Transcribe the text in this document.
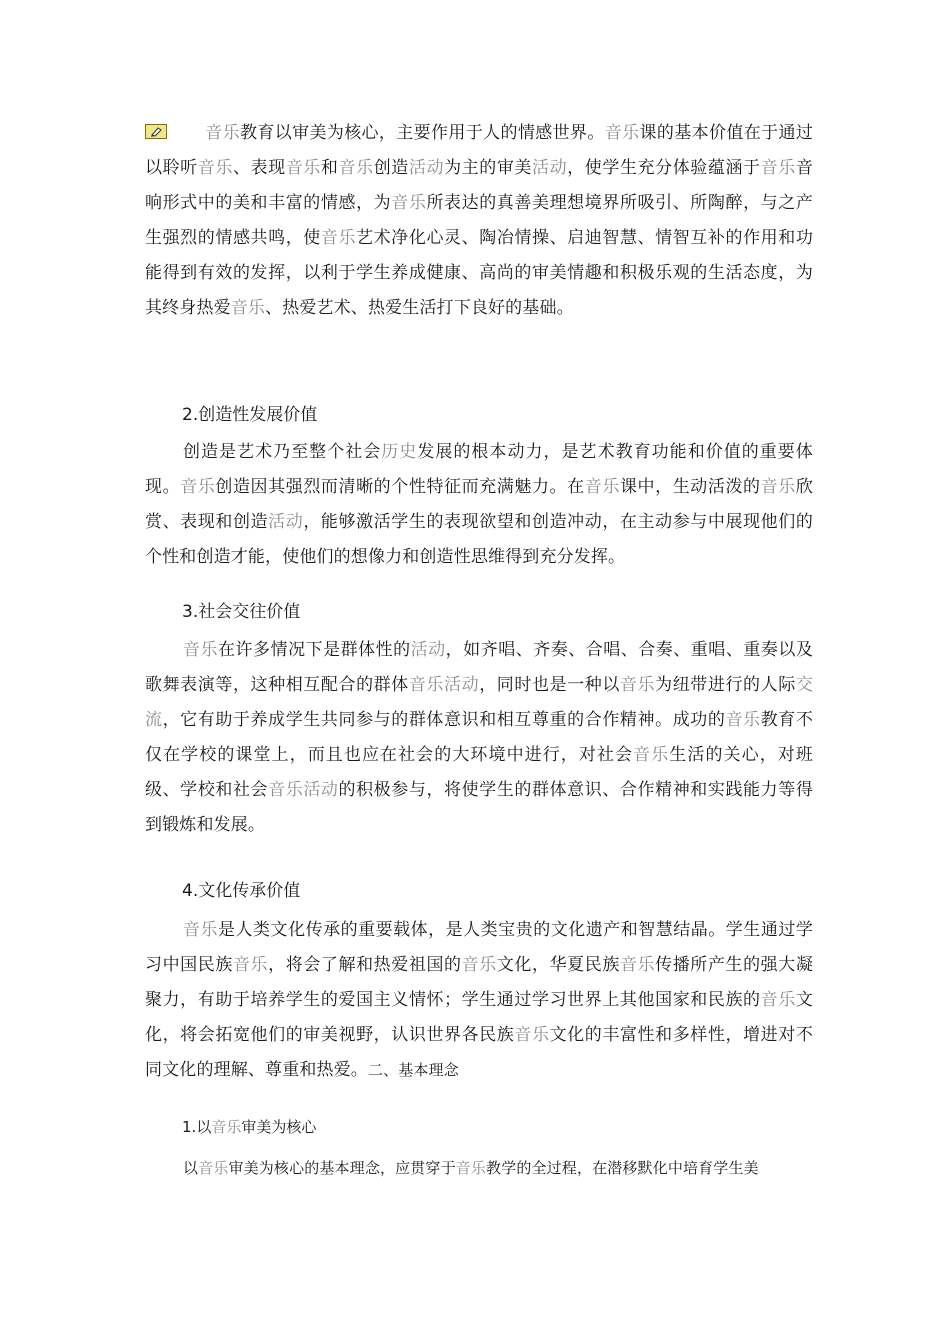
音乐教育以审美为核心，主要作用于人的情感世界。音乐课的基本价值在于通过以聆听音乐、表现音乐和音乐创造活动为主的审美活动，使学生充分体验蕴涵于音乐音响形式中的美和丰富的情感，为音乐所表达的真善美理想境界所吸引、所陶醉，与之产生强烈的情感共鸣，使音乐艺术净化心灵、陶冶情操、启迪智慧、情智互补的作用和功能得到有效的发挥，以利于学生养成健康、高尚的审美情趣和积极乐观的生活态度，为其终身热爱音乐、热爱艺术、热爱生活打下良好的基础。

2.创造性发展价值

创造是艺术乃至整个社会历史发展的根本动力，是艺术教育功能和价值的重要体现。音乐创造因其强烈而清晰的个性特征而充满魅力。在音乐课中，生动活泼的音乐欣赏、表现和创造活动，能够激活学生的表现欲望和创造冲动，在主动参与中展现他们的个性和创造才能，使他们的想像力和创造性思维得到充分发挥。

3.社会交往价值

音乐在许多情况下是群体性的活动，如齐唱、齐奏、合唱、合奏、重唱、重奏以及歌舞表演等，这种相互配合的群体音乐活动，同时也是一种以音乐为纽带进行的人际交流，它有助于养成学生共同参与的群体意识和相互尊重的合作精神。成功的音乐教育不仅在学校的课堂上，而且也应在社会的大环境中进行，对社会音乐生活的关心，对班级、学校和社会音乐活动的积极参与，将使学生的群体意识、合作精神和实践能力等得到锻炼和发展。

4.文化传承价值

音乐是人类文化传承的重要载体，是人类宝贵的文化遗产和智慧结晶。学生通过学习中国民族音乐，将会了解和热爱祖国的音乐文化，华夏民族音乐传播所产生的强大凝聚力，有助于培养学生的爱国主义情怀；学生通过学习世界上其他国家和民族的音乐文化，将会拓宽他们的审美视野，认识世界各民族音乐文化的丰富性和多样性，增进对不同文化的理解、尊重和热爱。二、基本理念

1.以音乐审美为核心

以音乐审美为核心的基本理念，应贯穿于音乐教学的全过程，在潜移默化中培育学生美
